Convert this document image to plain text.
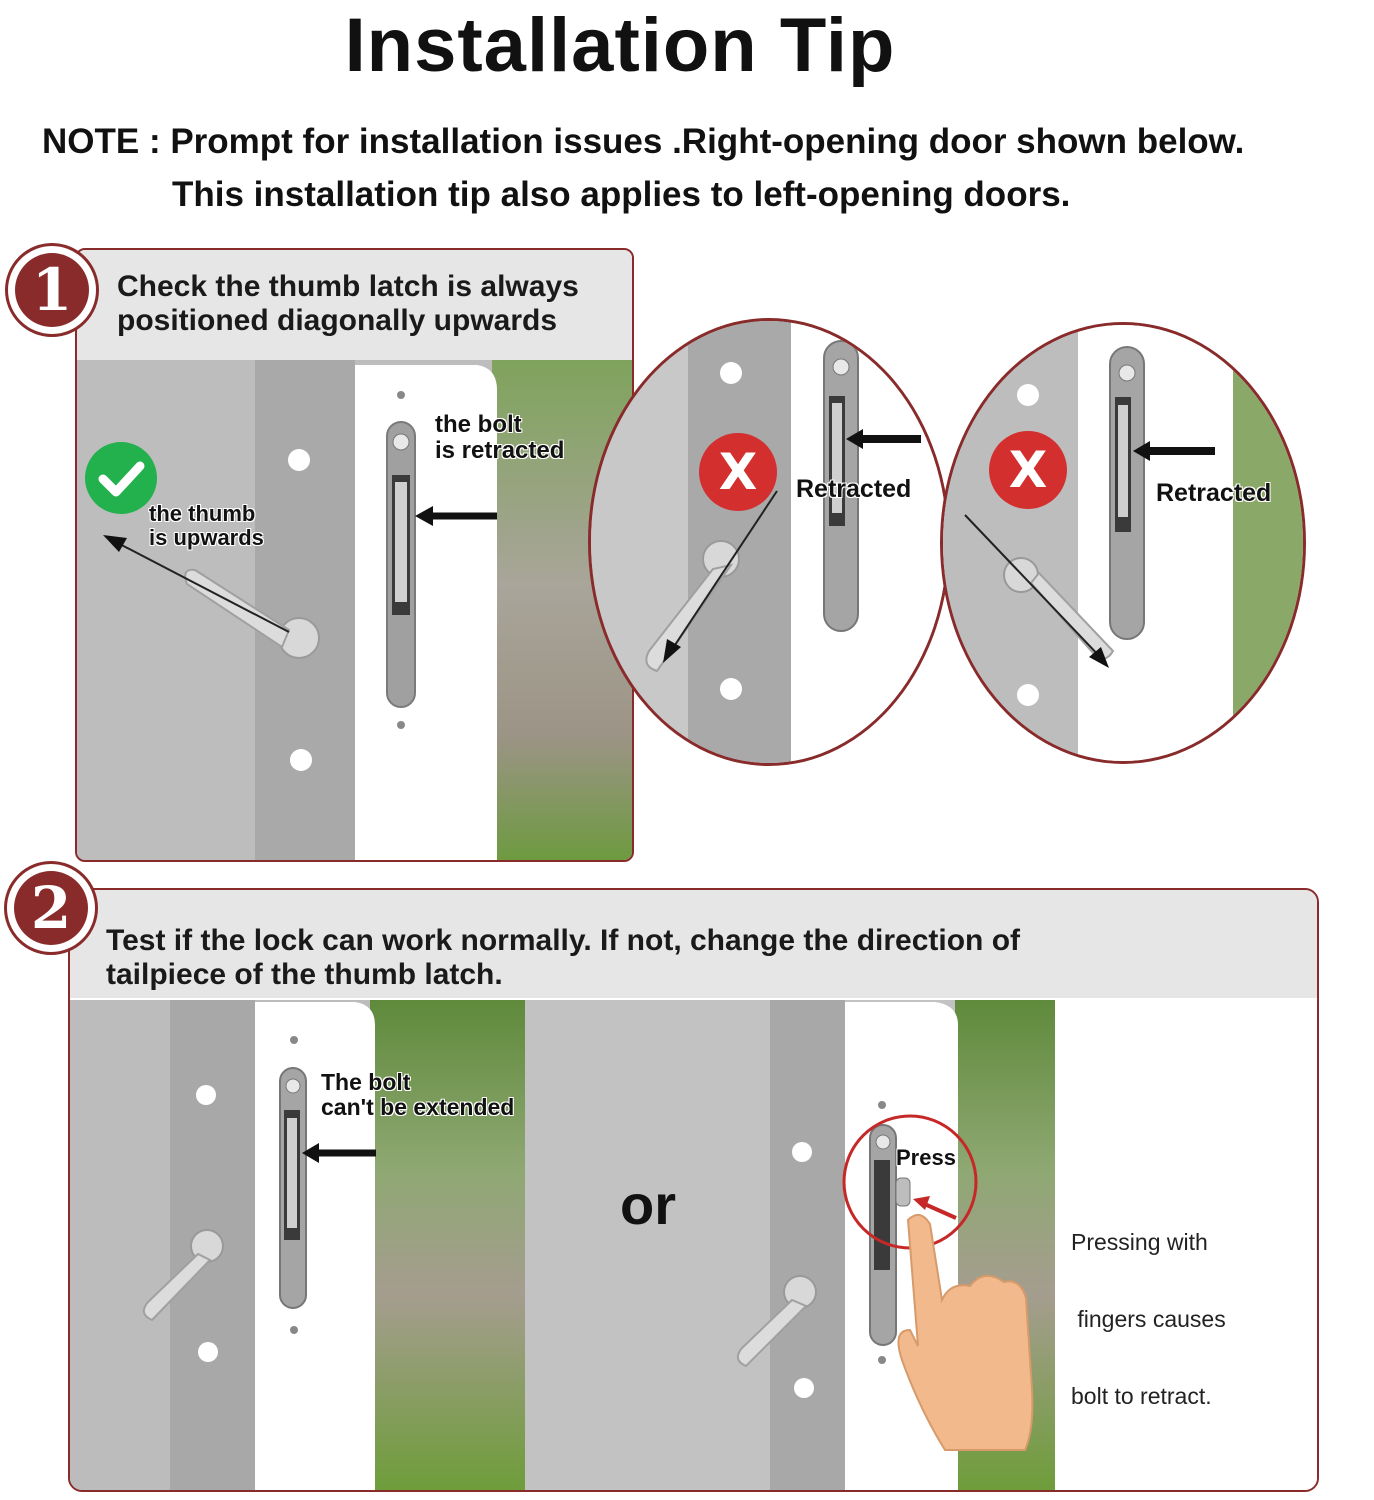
Installation Tip
NOTE : Prompt for installation issues .Right-opening door shown below.
This installation tip also applies to left-opening doors.
Check the thumb latch is always
positioned diagonally upwards
the thumb
is upwards
the bolt
is retracted
1
X	Retracted	X	Retracted
Test if the lock can work normally. If not, change the direction of
tailpiece of the thumb latch.
The bolt
can't be extended
or
Press

Pressing with

fingers causes

bolt to retract.

2
